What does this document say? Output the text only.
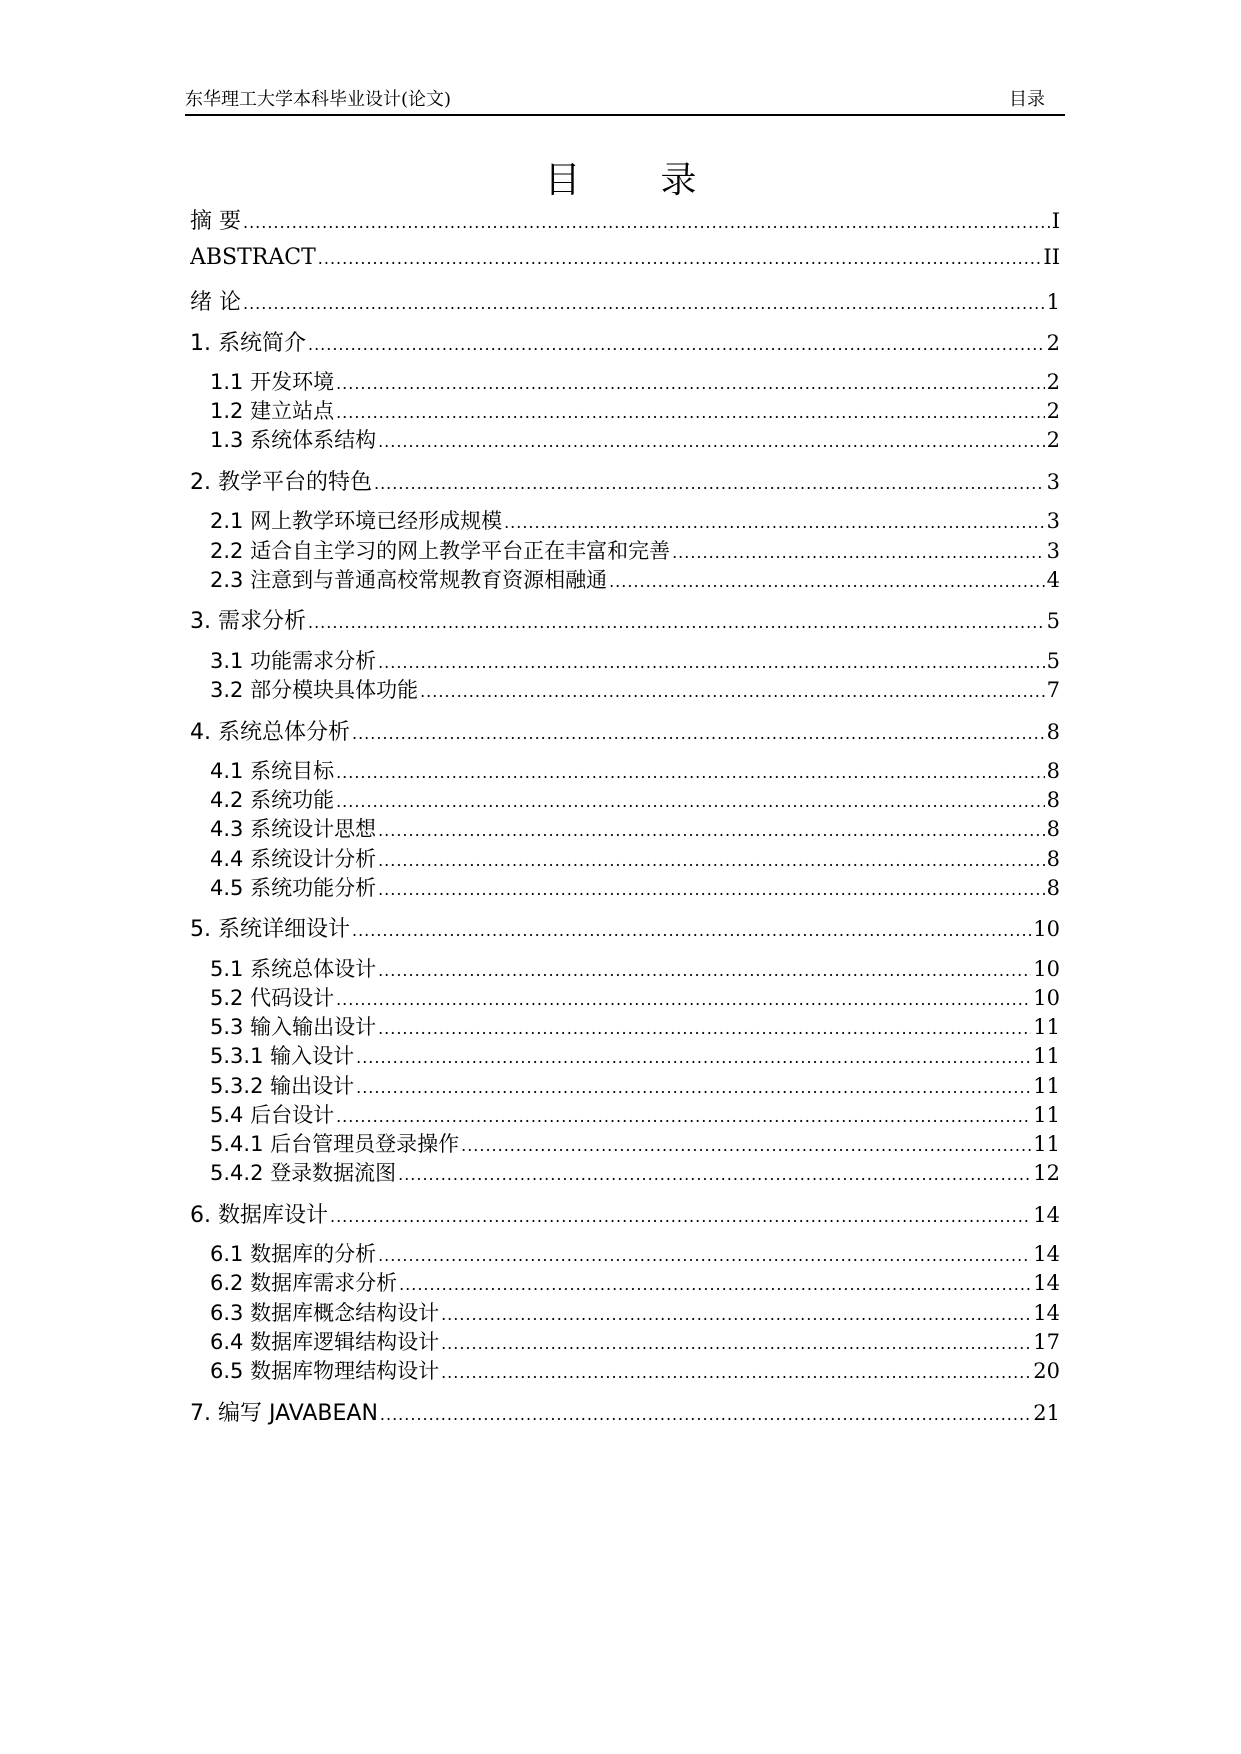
东华理工大学本科毕业设计(论文)	目录
目 录
摘 要 .....	I
ABSTRACT .....	II
绪 论 .....	1
1. 系统简介 .....	2
1.1 开发环境 .....	2
1.2 建立站点 .....	2
1.3 系统体系结构 .....	2
2. 教学平台的特色 .....	3
2.1 网上教学环境已经形成规模 .....	3
2.2 适合自主学习的网上教学平台正在丰富和完善 .....	3
2.3 注意到与普通高校常规教育资源相融通 .....	4
3. 需求分析 .....	5
3.1 功能需求分析 .....	5
3.2 部分模块具体功能 .....	7
4. 系统总体分析 .....	8
4.1 系统目标 .....	8
4.2 系统功能 .....	8
4.3 系统设计思想 .....	8
4.4 系统设计分析 .....	8
4.5 系统功能分析 .....	8
5. 系统详细设计 .....	10
5.1 系统总体设计 .....	10
5.2 代码设计 .....	10
5.3 输入输出设计 .....	11
5.3.1 输入设计 .....	11
5.3.2 输出设计 .....	11
5.4 后台设计 .....	11
5.4.1 后台管理员登录操作 .....	11
5.4.2 登录数据流图 .....	12
6. 数据库设计 .....	14
6.1 数据库的分析 .....	14
6.2 数据库需求分析 .....	14
6.3 数据库概念结构设计 .....	14
6.4 数据库逻辑结构设计 .....	17
6.5 数据库物理结构设计 .....	20
7. 编写 JAVABEAN .....	21
